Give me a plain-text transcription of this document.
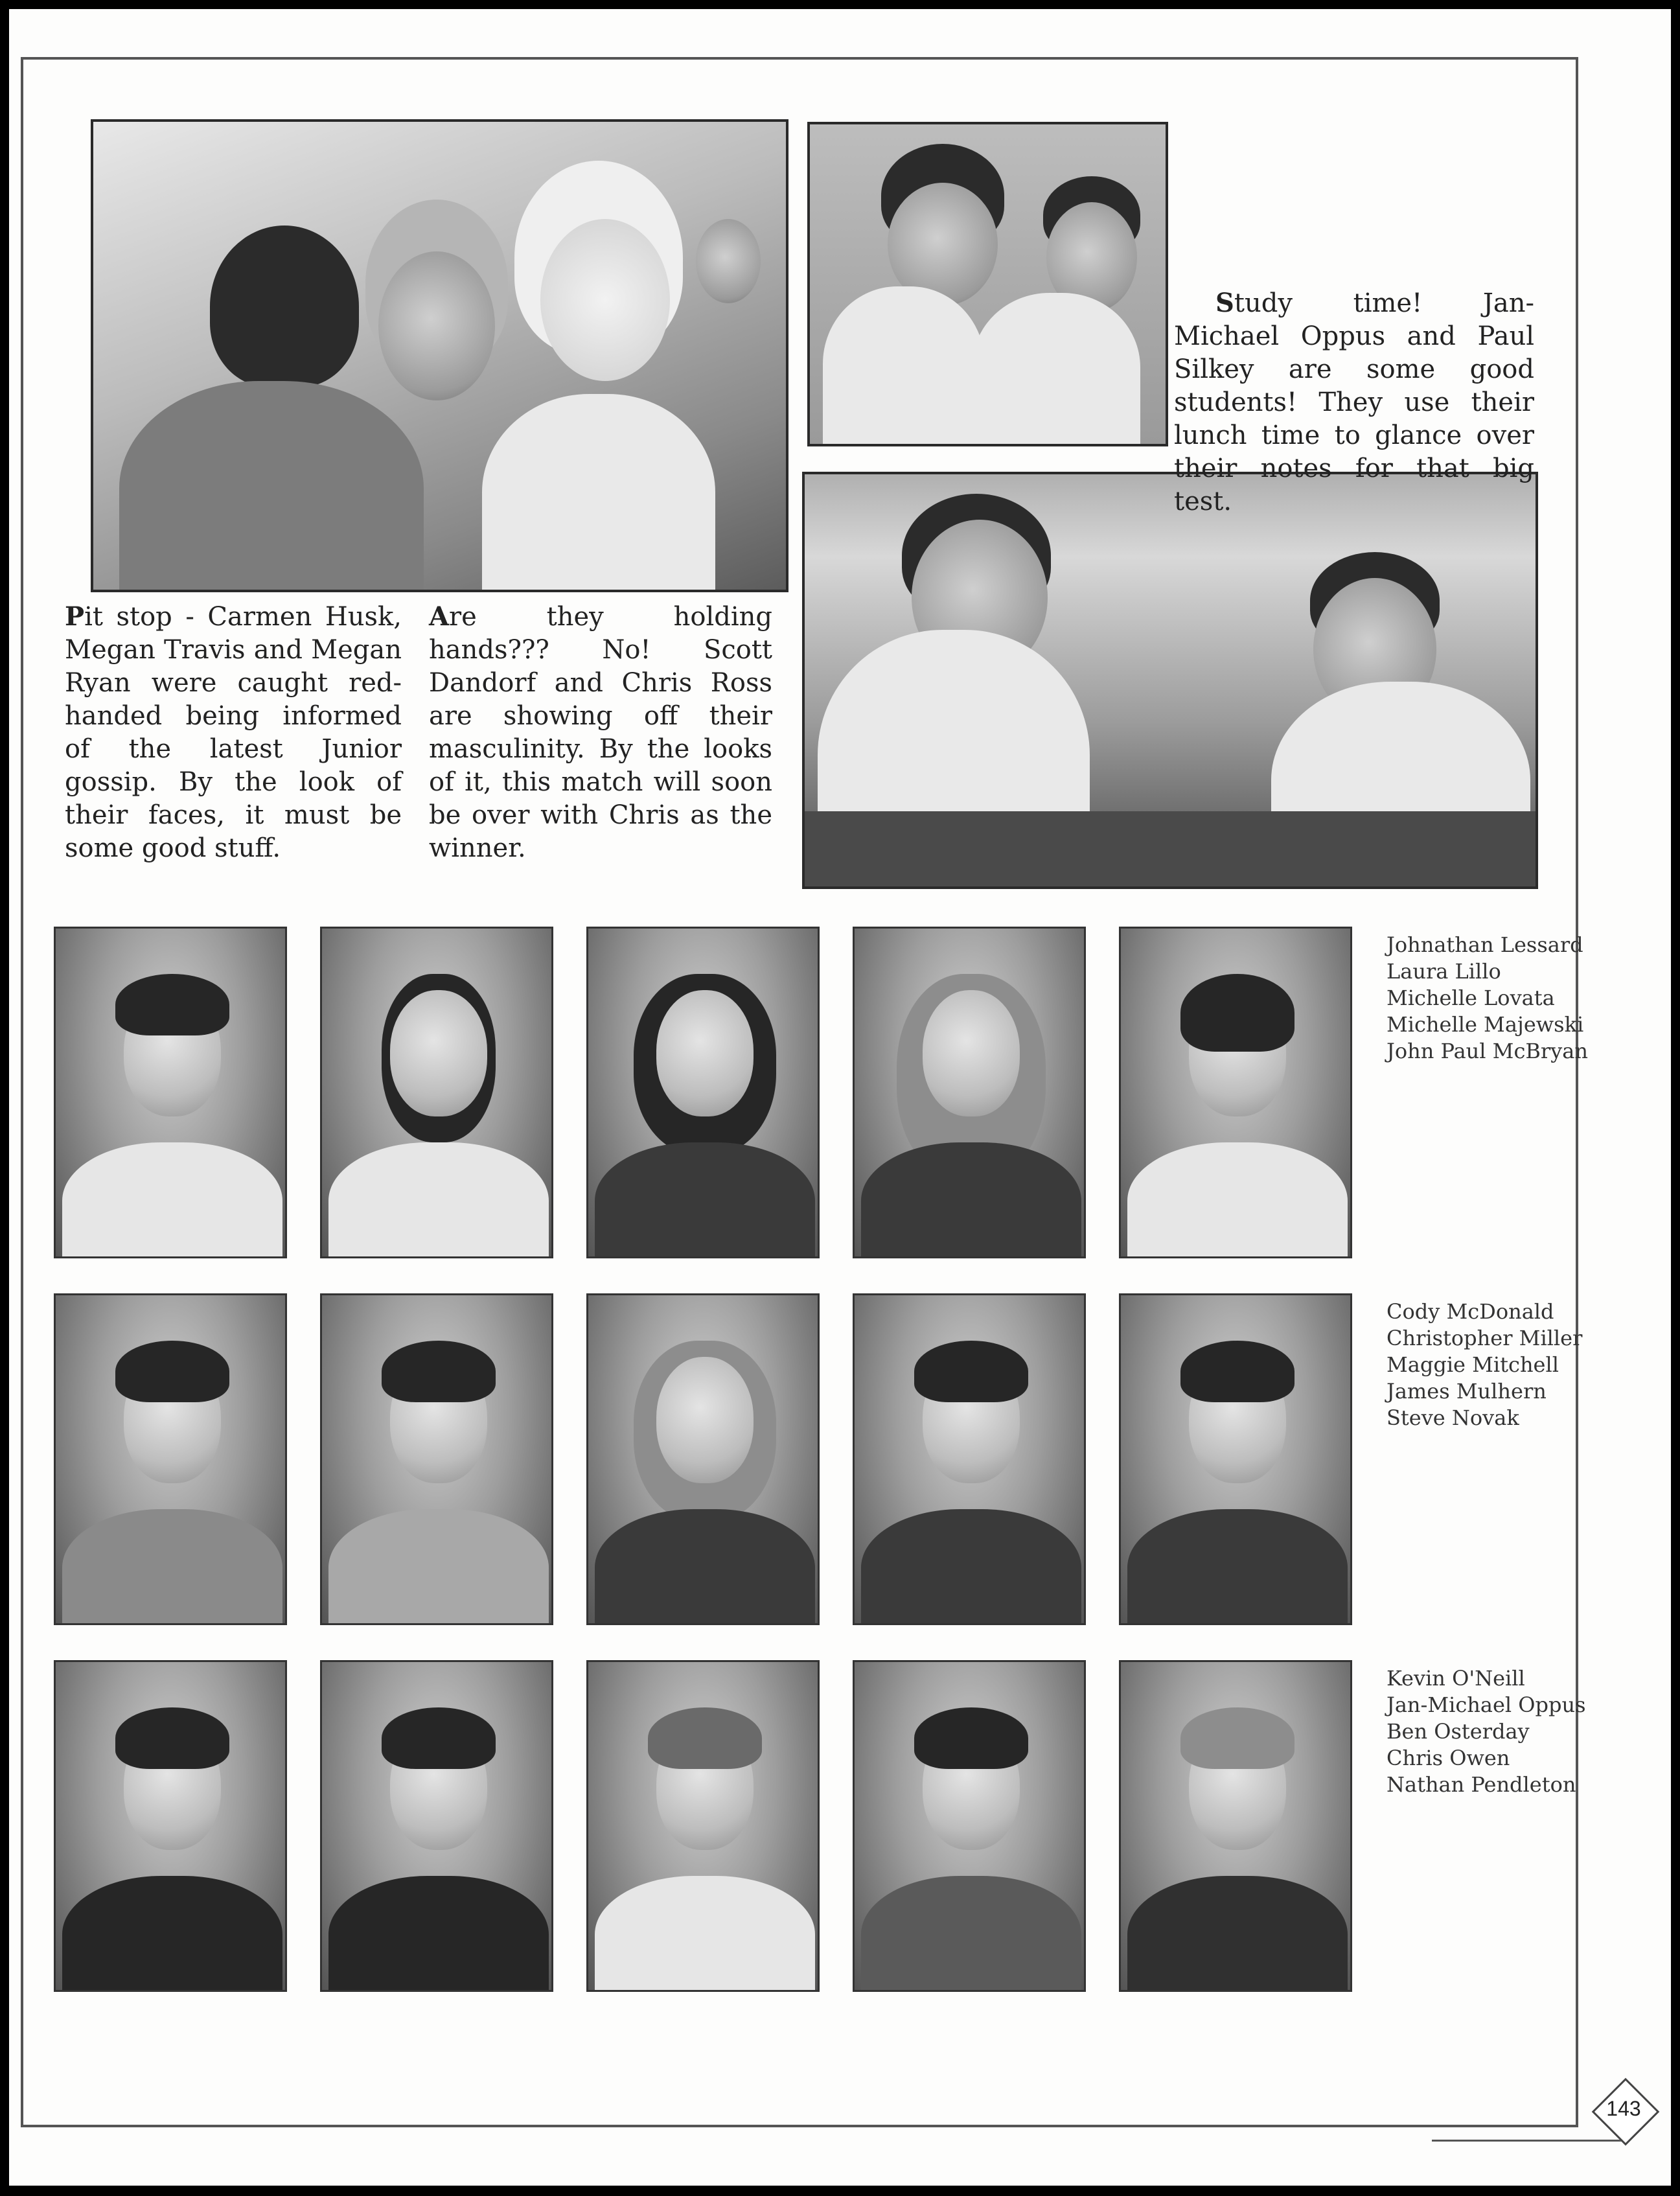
Pit stop - Carmen Husk, Megan Travis and Megan Ryan were caught red-handed being informed of the latest Junior gossip. By the look of their faces, it must be some good stuff.
Are they holding hands??? No! Scott Dandorf and Chris Ross are showing off their masculinity. By the looks of it, this match will soon be over with Chris as the winner.
Study time! Jan-Michael Oppus and Paul Silkey are some good students! They use their lunch time to glance over their notes for that big test.
Johnathan Lessard
Laura Lillo
Michelle Lovata
Michelle Majewski
John Paul McBryan
Cody McDonald
Christopher Miller
Maggie Mitchell
James Mulhern
Steve Novak
Kevin O'Neill
Jan-Michael Oppus
Ben Osterday
Chris Owen
Nathan Pendleton
143
